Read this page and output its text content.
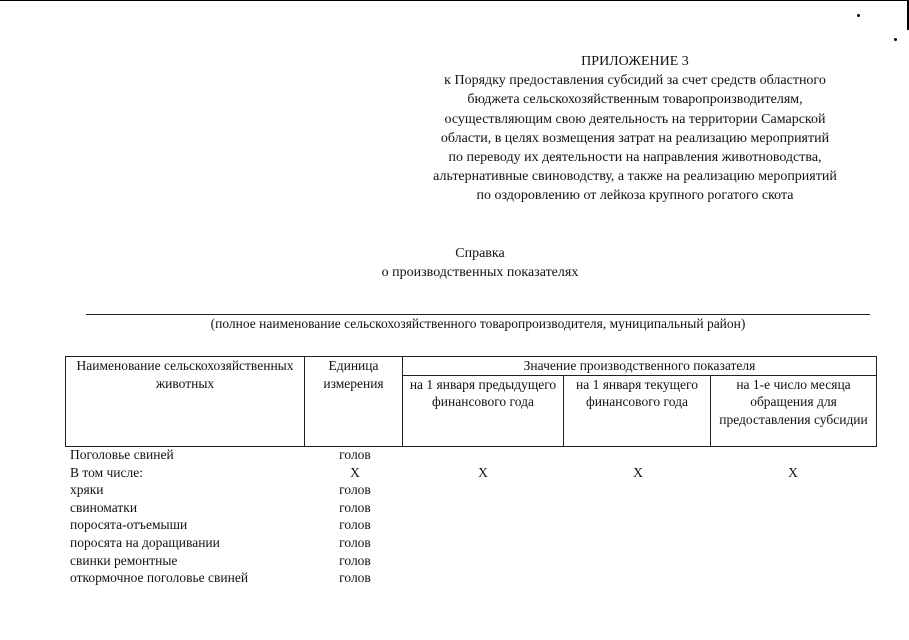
ПРИЛОЖЕНИЕ 3
к Порядку предоставления субсидий за счет средств областного
бюджета сельскохозяйственным товаропроизводителям,
осуществляющим свою деятельность на территории Самарской
области, в целях возмещения затрат на реализацию мероприятий
по переводу их деятельности на направления животноводства,
альтернативные свиноводству, а также на реализацию мероприятий
по оздоровлению от лейкоза крупного рогатого скота
Справка
о производственных показателях
(полное наименование сельскохозяйственного товаропроизводителя, муниципальный район)
Наименование сельскохозяйственных животных	Единица измерения	Значение производственного показателя		
		на 1 января предыдущего финансового года	на 1 января текущего финансового года	на 1-е число месяца обращения для предоставления субсидии
Поголовье свиней	голов
В том числе:	X	X	X	X
хряки	голов
свиноматки	голов
поросята-отъемыши	голов
поросята на доращивании	голов
свинки ремонтные	голов
откормочное поголовье свиней	голов
